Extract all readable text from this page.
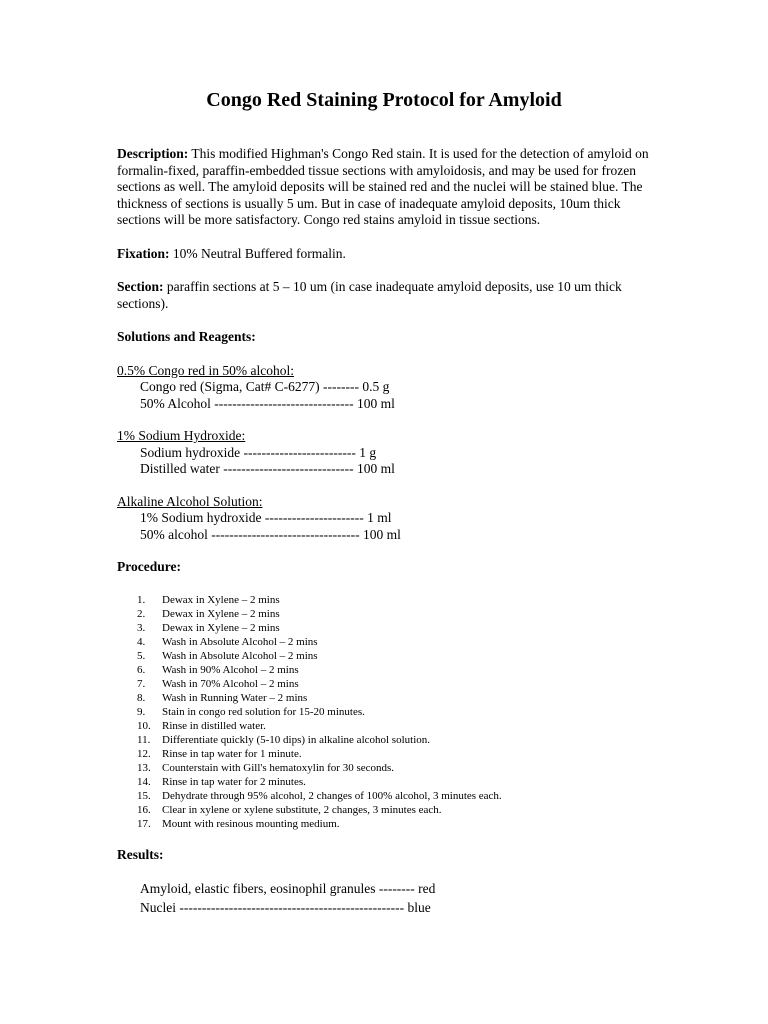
Congo Red Staining Protocol for Amyloid

Description: This modified Highman's Congo Red stain. It is used for the detection of amyloid on formalin-fixed, paraffin-embedded tissue sections with amyloidosis, and may be used for frozen sections as well. The amyloid deposits will be stained red and the nuclei will be stained blue. The thickness of sections is usually 5 um. But in case of inadequate amyloid deposits, 10um thick sections will be more satisfactory. Congo red stains amyloid in tissue sections.

Fixation: 10% Neutral Buffered formalin.

Section: paraffin sections at 5 – 10 um (in case inadequate amyloid deposits, use 10 um thick sections).

Solutions and Reagents:
0.5% Congo red in 50% alcohol:
Congo red (Sigma, Cat# C-6277) -------- 0.5 g
50% Alcohol ------------------------------- 100 ml
1% Sodium Hydroxide:
Sodium hydroxide ------------------------- 1 g
Distilled water ----------------------------- 100 ml
Alkaline Alcohol Solution:
1% Sodium hydroxide ---------------------- 1 ml
50% alcohol --------------------------------- 100 ml
Procedure:
1.	Dewax in Xylene – 2 mins
2.	Dewax in Xylene – 2 mins
3.	Dewax in Xylene – 2 mins
4.	Wash in Absolute Alcohol – 2 mins
5.	Wash in Absolute Alcohol – 2 mins
6.	Wash in 90% Alcohol – 2 mins
7.	Wash in 70% Alcohol – 2 mins
8.	Wash in Running Water – 2 mins
9.	Stain in congo red solution for 15-20 minutes.
10.	Rinse in distilled water.
11.	Differentiate quickly (5-10 dips) in alkaline alcohol solution.
12.	Rinse in tap water for 1 minute.
13.	Counterstain with Gill's hematoxylin for 30 seconds.
14.	Rinse in tap water for 2 minutes.
15.	Dehydrate through 95% alcohol, 2 changes of 100% alcohol, 3 minutes each.
16.	Clear in xylene or xylene substitute, 2 changes, 3 minutes each.
17.	Mount with resinous mounting medium.
Results:
Amyloid, elastic fibers, eosinophil granules -------- red
Nuclei -------------------------------------------------- blue
